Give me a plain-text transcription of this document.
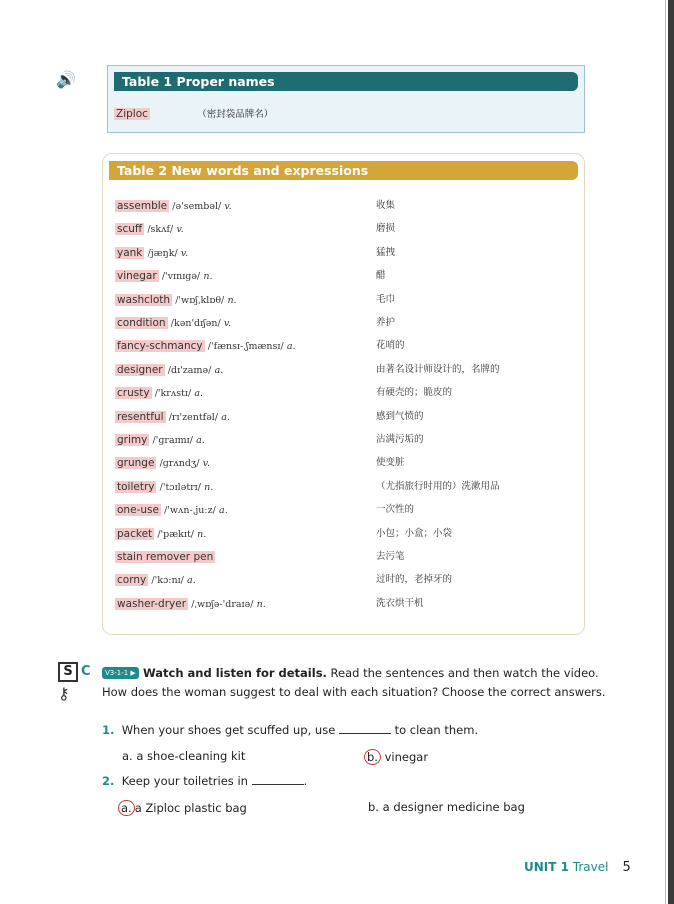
🔊	Table 1 Proper names
Ziploc	（密封袋品牌名）
Table 2 New words and expressions
assemble /ə'sembəl/ v.	收集
scuff /skʌf/ v.	磨损
yank /jæŋk/ v.	猛拽
vinegar /'vɪnɪɡə/ n.	醋
washcloth /'wɒʃˌklɒθ/ n.	毛巾
condition /kən'dɪʃən/ v.	养护
fancy-schmancy /'fænsɪ-ˌʃmænsɪ/ a.	花哨的
designer /dɪ'zaɪnə/ a.	由著名设计师设计的，名牌的
crusty /'krʌstɪ/ a.	有硬壳的；脆皮的
resentful /rɪ'zentfəl/ a.	感到气愤的
grimy /'ɡraɪmɪ/ a.	沾满污垢的
grunge /ɡrʌndʒ/ v.	使变脏
toiletry /'tɔɪlətrɪ/ n.	（尤指旅行时用的）洗漱用品
one-use /'wʌn-ˌjuːz/ a.	一次性的
packet /'pækɪt/ n.	小包；小盒；小袋
stain remover pen	去污笔
corny /'kɔːnɪ/ a.	过时的，老掉牙的
washer-dryer /ˌwɒʃə-'draɪə/ n.	洗衣烘干机
S
⚷
C	V3-1-1 ▶ Watch and listen for details. Read the sentences and then watch the video.
How does the woman suggest to deal with each situation? Choose the correct answers.
1. When your shoes get scuffed up, use	to clean them.
a. a shoe-cleaning kit	b. vinegar
2. Keep your toiletries in	.
a. a Ziploc plastic bag	b. a designer medicine bag
UNIT 1 Travel 5
